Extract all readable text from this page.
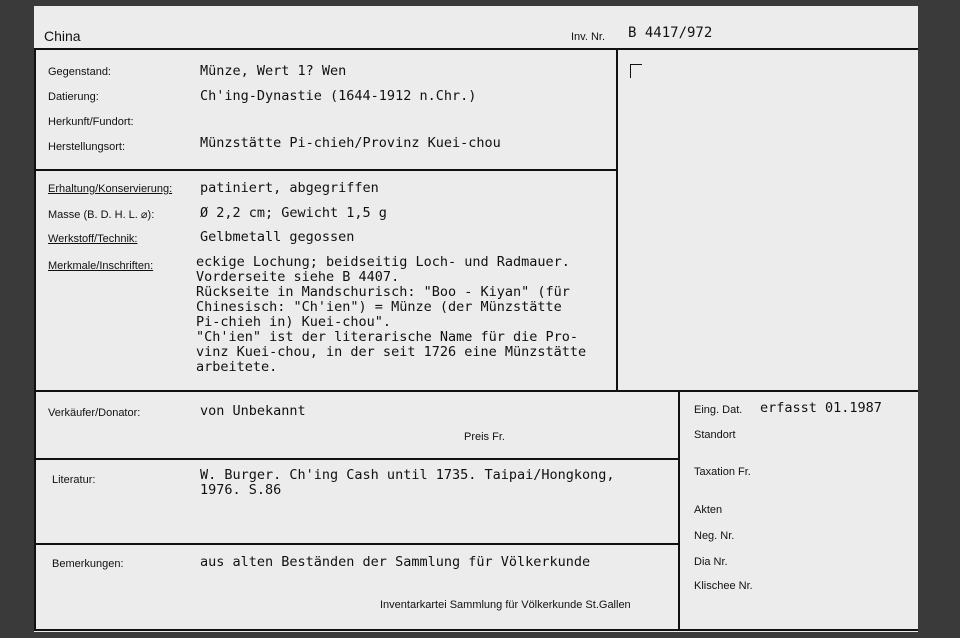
China	Inv. Nr. B 4417/972
Gegenstand:	Münze, Wert 1? Wen
Datierung:	Ch'ing-Dynastie (1644-1912 n.Chr.)
Herkunft/Fundort:
Herstellungsort:	Münzstätte Pi-chieh/Provinz Kuei-chou
Erhaltung/Konservierung: patiniert, abgegriffen
Masse (B. D. H. L. ⌀):	Ø 2,2 cm; Gewicht 1,5 g
Werkstoff/Technik:	Gelbmetall gegossen
Merkmale/Inschriften:	eckige Lochung; beidseitig Loch- und Radmauer.
Vorderseite siehe B 4407.
Rückseite in Mandschurisch: "Boo - Kiyan" (für
Chinesisch: "Ch'ien") = Münze (der Münzstätte
Pi-chieh in) Kuei-chou".
"Ch'ien" ist der literarische Name für die Pro-
vinz Kuei-chou, in der seit 1726 eine Münzstätte
arbeitete.
Verkäufer/Donator:	von Unbekannt
Preis Fr.
Literatur:	W. Burger. Ch'ing Cash until 1735. Taipai/Hongkong,
1976. S.86
Bemerkungen:	aus alten Beständen der Sammlung für Völkerkunde
Inventarkartei Sammlung für Völkerkunde St.Gallen
Eing. Dat. erfasst 01.1987
Standort
Taxation Fr.
Akten
Neg. Nr.
Dia Nr.
Klischee Nr.
